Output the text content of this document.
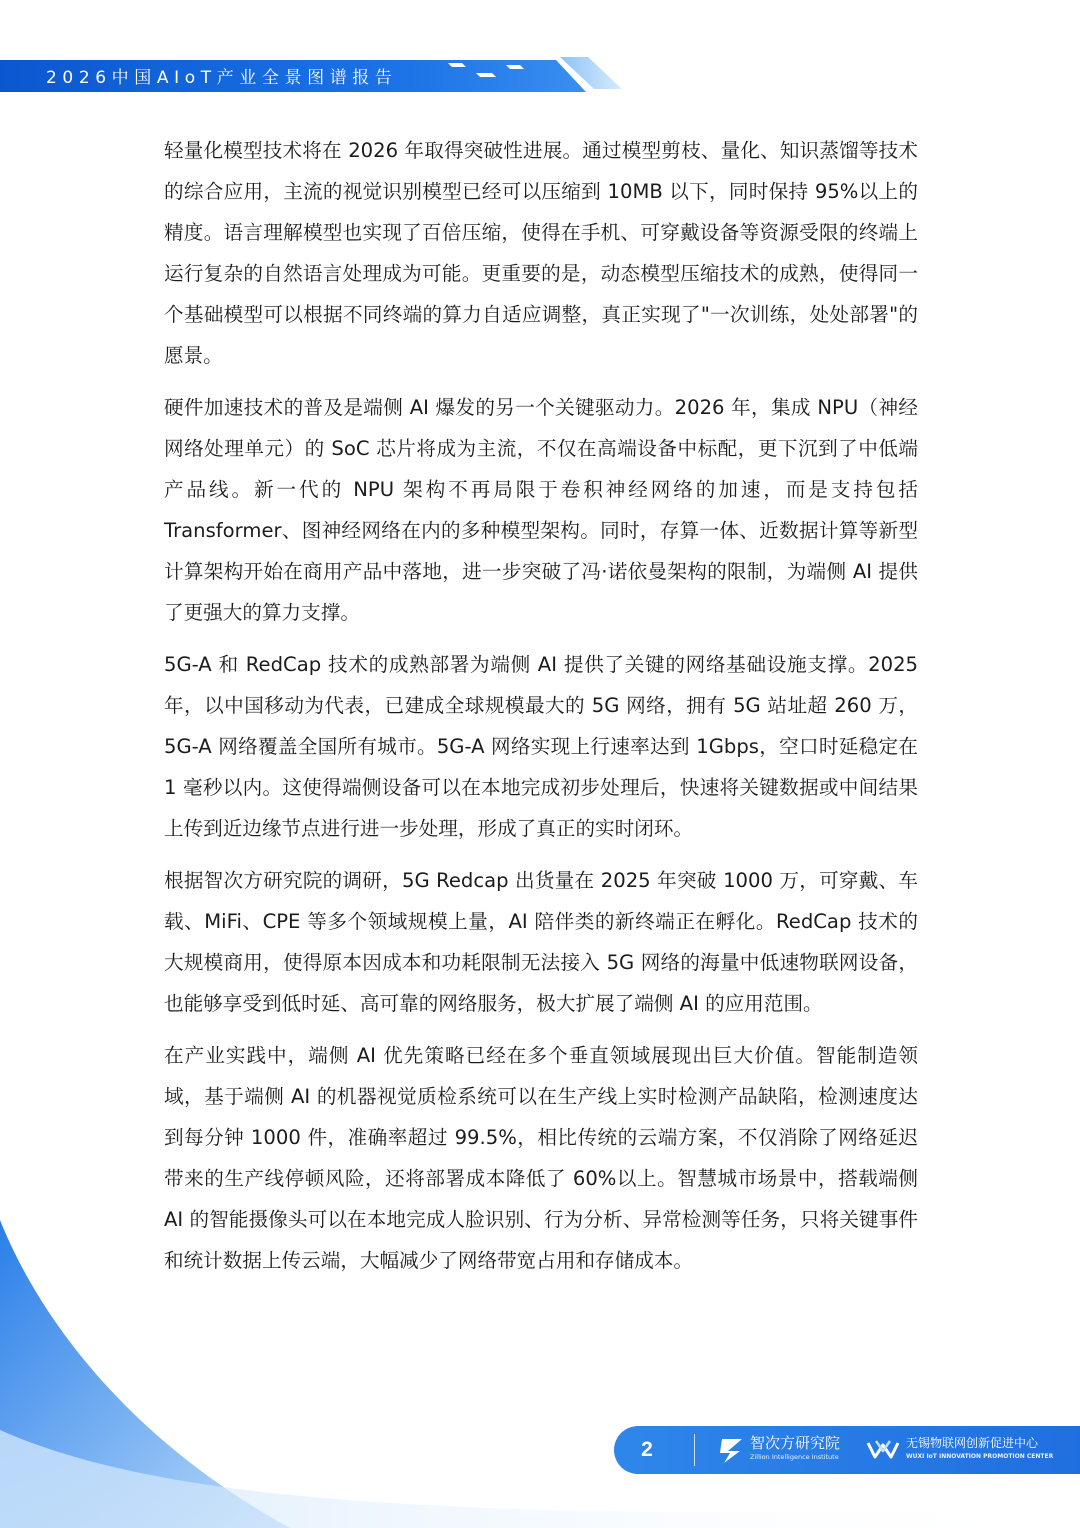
2026中国AIoT产业全景图谱报告

轻量化模型技术将在 2026 年取得突破性进展。通过模型剪枝、量化、知识蒸馏等技术的综合应用，主流的视觉识别模型已经可以压缩到 10MB 以下，同时保持 95%以上的精度。语言理解模型也实现了百倍压缩，使得在手机、可穿戴设备等资源受限的终端上运行复杂的自然语言处理成为可能。更重要的是，动态模型压缩技术的成熟，使得同一个基础模型可以根据不同终端的算力自适应调整，真正实现了"一次训练，处处部署"的愿景。

硬件加速技术的普及是端侧 AI 爆发的另一个关键驱动力。2026 年，集成 NPU（神经网络处理单元）的 SoC 芯片将成为主流，不仅在高端设备中标配，更下沉到了中低端产品线。新一代的 NPU 架构不再局限于卷积神经网络的加速，而是支持包括 Transformer、图神经网络在内的多种模型架构。同时，存算一体、近数据计算等新型计算架构开始在商用产品中落地，进一步突破了冯·诺依曼架构的限制，为端侧 AI 提供了更强大的算力支撑。

5G-A 和 RedCap 技术的成熟部署为端侧 AI 提供了关键的网络基础设施支撑。2025 年，以中国移动为代表，已建成全球规模最大的 5G 网络，拥有 5G 站址超 260 万，5G-A 网络覆盖全国所有城市。5G-A 网络实现上行速率达到 1Gbps，空口时延稳定在 1 毫秒以内。这使得端侧设备可以在本地完成初步处理后，快速将关键数据或中间结果上传到近边缘节点进行进一步处理，形成了真正的实时闭环。

根据智次方研究院的调研，5G Redcap 出货量在 2025 年突破 1000 万，可穿戴、车载、MiFi、CPE 等多个领域规模上量，AI 陪伴类的新终端正在孵化。RedCap 技术的大规模商用，使得原本因成本和功耗限制无法接入 5G 网络的海量中低速物联网设备，也能够享受到低时延、高可靠的网络服务，极大扩展了端侧 AI 的应用范围。

在产业实践中，端侧 AI 优先策略已经在多个垂直领域展现出巨大价值。智能制造领域，基于端侧 AI 的机器视觉质检系统可以在生产线上实时检测产品缺陷，检测速度达到每分钟 1000 件，准确率超过 99.5%，相比传统的云端方案，不仅消除了网络延迟带来的生产线停顿风险，还将部署成本降低了 60%以上。智慧城市场景中，搭载端侧 AI 的智能摄像头可以在本地完成人脸识别、行为分析、异常检测等任务，只将关键事件和统计数据上传云端，大幅减少了网络带宽占用和存储成本。

2	智次方研究院
Zillion Intelligence Institute
无锡物联网创新促进中心
WUXI IoT INNOVATION PROMOTION CENTER
